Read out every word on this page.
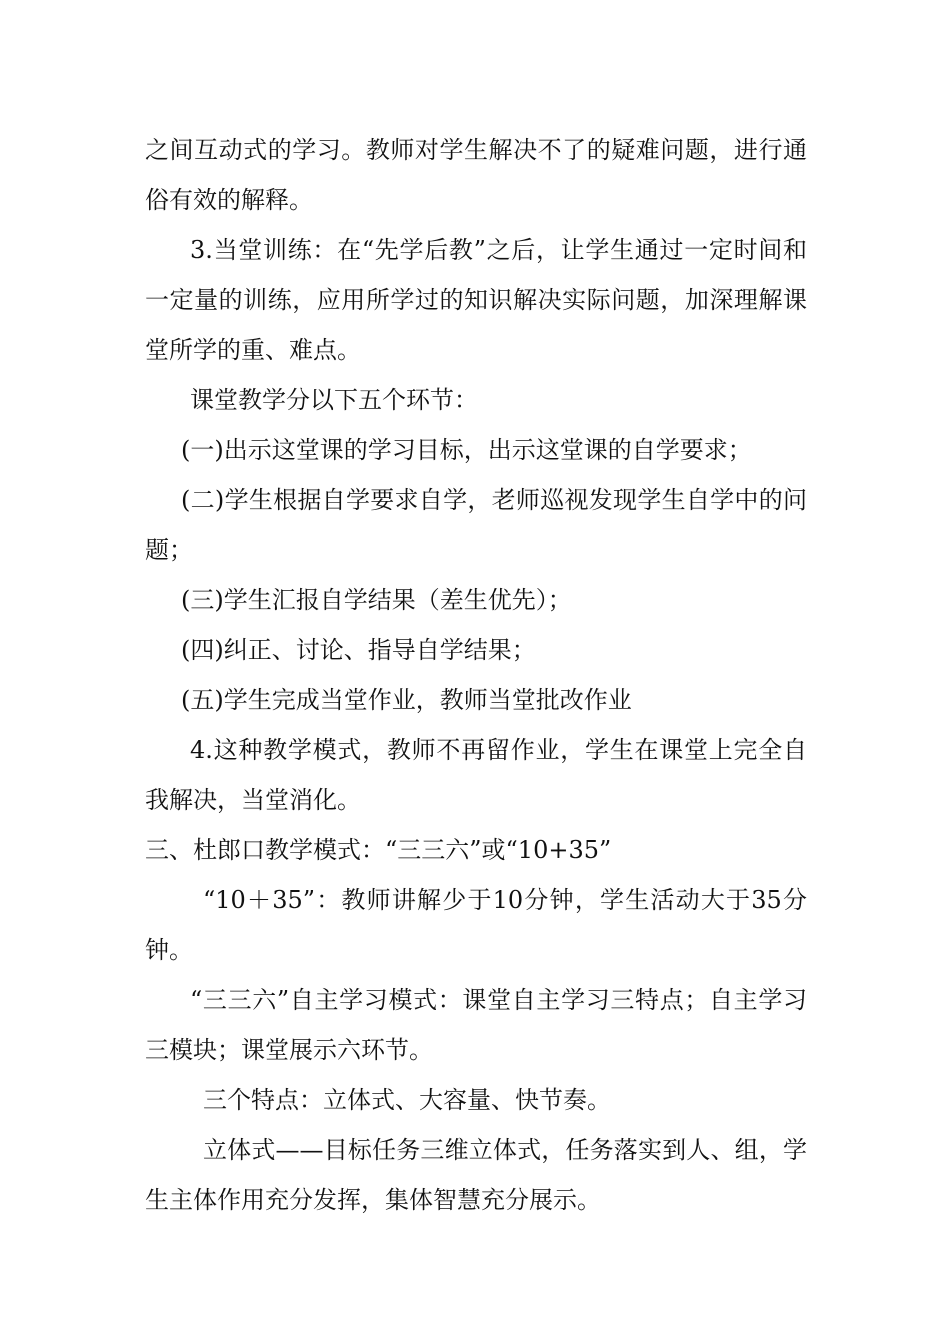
之间互动式的学习。教师对学生解决不了的疑难问题，进行通俗有效的解释。

3.当堂训练：在“先学后教”之后，让学生通过一定时间和一定量的训练，应用所学过的知识解决实际问题，加深理解课堂所学的重、难点。

课堂教学分以下五个环节：

(一)出示这堂课的学习目标，出示这堂课的自学要求；

(二)学生根据自学要求自学，老师巡视发现学生自学中的问题；

(三)学生汇报自学结果（差生优先）；

(四)纠正、讨论、指导自学结果；

(五)学生完成当堂作业，教师当堂批改作业

4.这种教学模式，教师不再留作业，学生在课堂上完全自我解决，当堂消化。

三、杜郎口教学模式：“三三六”或“10+35”

“10＋35”：教师讲解少于10分钟，学生活动大于35分钟。

“三三六”自主学习模式：课堂自主学习三特点；自主学习三模块；课堂展示六环节。

三个特点：立体式、大容量、快节奏。

立体式——目标任务三维立体式，任务落实到人、组，学生主体作用充分发挥，集体智慧充分展示。
